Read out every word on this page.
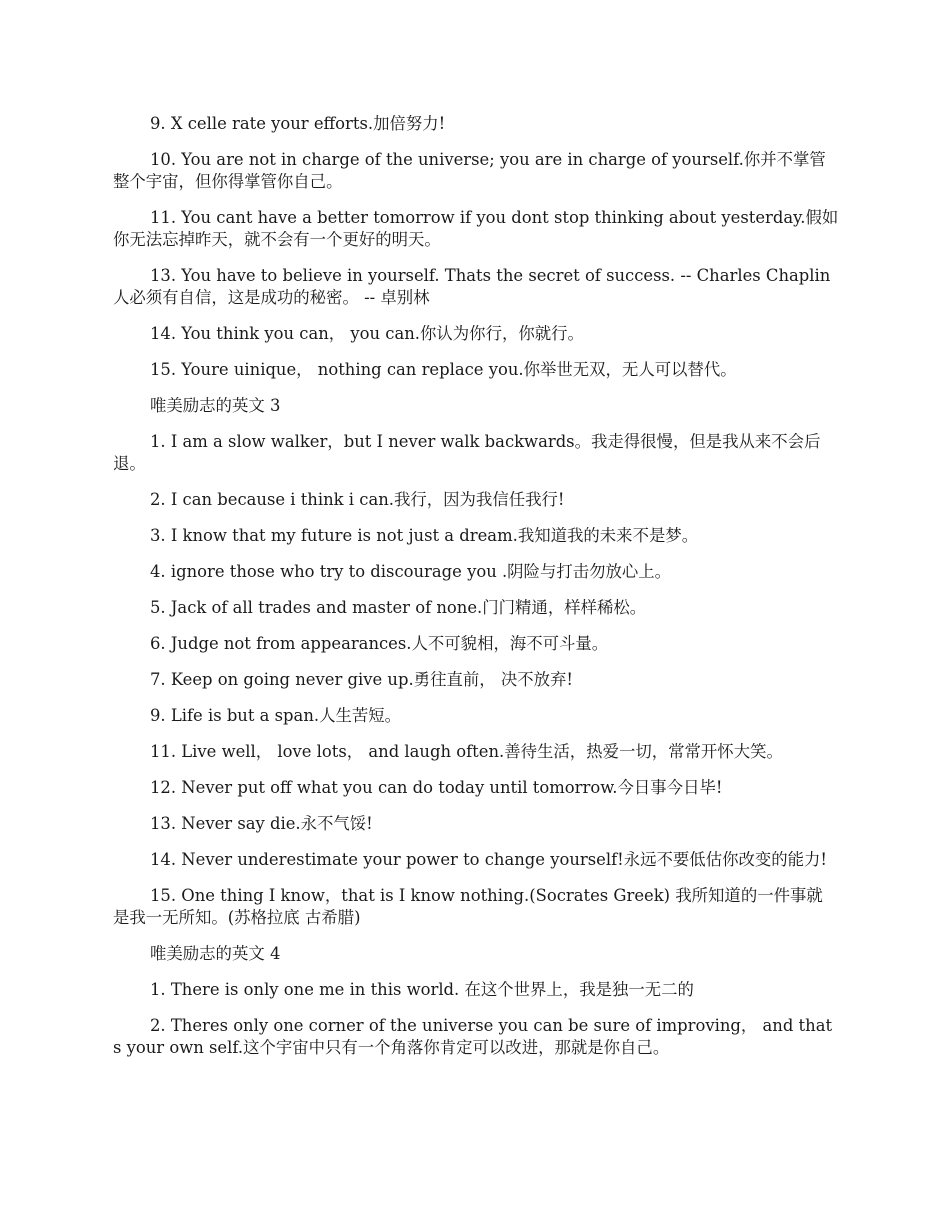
9. X celle rate your efforts.加倍努力!

10. You are not in charge of the universe; you are in charge of yourself.你并不掌管整个宇宙，但你得掌管你自己。

11. You cant have a better tomorrow if you dont stop thinking about yesterday.假如你无法忘掉昨天，就不会有一个更好的明天。

13. You have to believe in yourself. Thats the secret of success. -- Charles Chaplin 人必须有自信，这是成功的秘密。 -- 卓别林

14. You think you can， you can.你认为你行，你就行。

15. Youre uinique， nothing can replace you.你举世无双，无人可以替代。

唯美励志的英文 3

1. I am a slow walker，but I never walk backwards。我走得很慢，但是我从来不会后退。

2. I can because i think i can.我行，因为我信任我行!

3. I know that my future is not just a dream.我知道我的未来不是梦。

4. ignore those who try to discourage you .阴险与打击勿放心上。

5. Jack of all trades and master of none.门门精通，样样稀松。

6. Judge not from appearances.人不可貌相，海不可斗量。

7. Keep on going never give up.勇往直前， 决不放弃!

9. Life is but a span.人生苦短。

11. Live well， love lots， and laugh often.善待生活，热爱一切，常常开怀大笑。

12. Never put off what you can do today until tomorrow.今日事今日毕!

13. Never say die.永不气馁!

14. Never underestimate your power to change yourself!永远不要低估你改变的能力!

15. One thing I know，that is I know nothing.(Socrates Greek) 我所知道的一件事就是我一无所知。(苏格拉底 古希腊)

唯美励志的英文 4

1. There is only one me in this world. 在这个世界上，我是独一无二的

2. Theres only one corner of the universe you can be sure of improving， and thats your own self.这个宇宙中只有一个角落你肯定可以改进，那就是你自己。
